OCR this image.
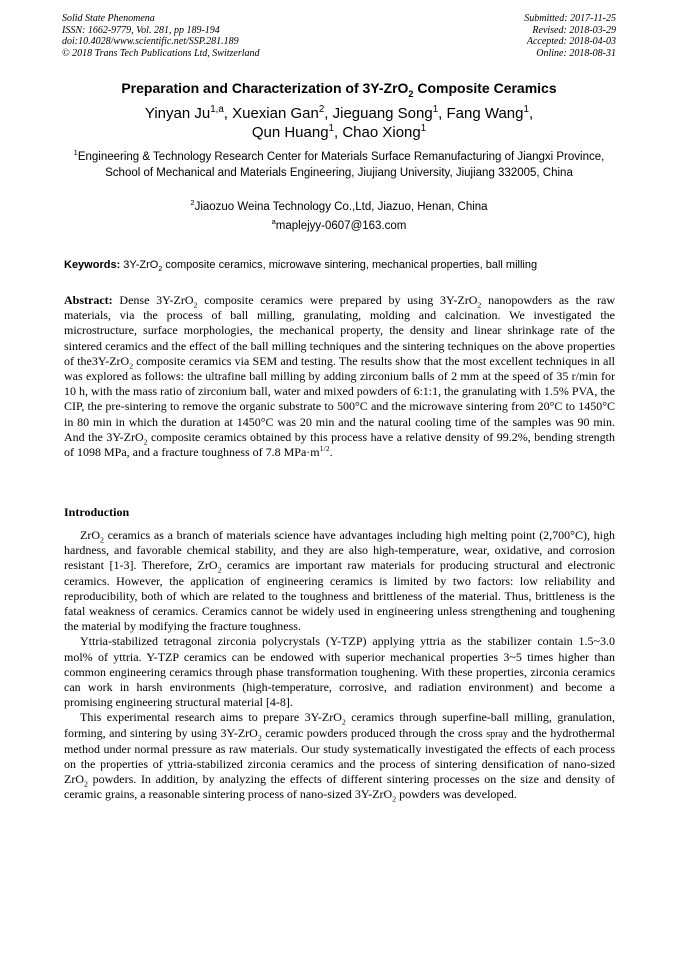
Solid State Phenomena
ISSN: 1662-9779, Vol. 281, pp 189-194
doi:10.4028/www.scientific.net/SSP.281.189
© 2018 Trans Tech Publications Ltd, Switzerland
Submitted: 2017-11-25
Revised: 2018-03-29
Accepted: 2018-04-03
Online: 2018-08-31
Preparation and Characterization of 3Y-ZrO$_2$ Composite Ceramics
Yinyan Ju$^{1,a}$, Xuexian Gan$^2$, Jieguang Song$^1$, Fang Wang$^1$,
Qun Huang$^1$, Chao Xiong$^1$
$^1$Engineering & Technology Research Center for Materials Surface Remanufacturing of Jiangxi Province, School of Mechanical and Materials Engineering, Jiujiang University, Jiujiang 332005, China
$^2$Jiaozuo Weina Technology Co.,Ltd, Jiazuo, Henan, China
$^a$maplejyy-0607@163.com
Keywords: 3Y-ZrO$_2$ composite ceramics, microwave sintering, mechanical properties, ball milling
Abstract: Dense 3Y-ZrO$_2$ composite ceramics were prepared by using 3Y-ZrO$_2$ nanopowders as the raw materials, via the process of ball milling, granulating, molding and calcination. We investigated the microstructure, surface morphologies, the mechanical property, the density and linear shrinkage rate of the sintered ceramics and the effect of the ball milling techniques and the sintering techniques on the above properties of the3Y-ZrO$_2$ composite ceramics via SEM and testing. The results show that the most excellent techniques in all was explored as follows: the ultrafine ball milling by adding zirconium balls of 2 mm at the speed of 35 r/min for 10 h, with the mass ratio of zirconium ball, water and mixed powders of 6:1:1, the granulating with 1.5% PVA, the CIP, the pre-sintering to remove the organic substrate to 500°C and the microwave sintering from 20°C to 1450°C in 80 min in which the duration at 1450°C was 20 min and the natural cooling time of the samples was 90 min. And the 3Y-ZrO$_2$ composite ceramics obtained by this process have a relative density of 99.2%, bending strength of 1098 MPa, and a fracture toughness of 7.8 $MPa\cdot m^{1/2}$.
Introduction

ZrO$_2$ ceramics as a branch of materials science have advantages including high melting point (2,700°C), high hardness, and favorable chemical stability, and they are also high-temperature, wear, oxidative, and corrosion resistant [1-3]. Therefore, ZrO$_2$ ceramics are important raw materials for producing structural and electronic ceramics. However, the application of engineering ceramics is limited by two factors: low reliability and reproducibility, both of which are related to the toughness and brittleness of the material. Thus, brittleness is the fatal weakness of ceramics. Ceramics cannot be widely used in engineering unless strengthening and toughening the material by modifying the fracture toughness.

Yttria-stabilized tetragonal zirconia polycrystals (Y-TZP) applying yttria as the stabilizer contain 1.5~3.0 mol% of yttria. Y-TZP ceramics can be endowed with superior mechanical properties 3~5 times higher than common engineering ceramics through phase transformation toughening. With these properties, zirconia ceramics can work in harsh environments (high-temperature, corrosive, and radiation environment) and become a promising engineering structural material [4-8].

This experimental research aims to prepare 3Y-ZrO$_2$ ceramics through superfine-ball milling, granulation, forming, and sintering by using 3Y-ZrO$_2$ ceramic powders produced through the cross spray and the hydrothermal method under normal pressure as raw materials. Our study systematically investigated the effects of each process on the properties of yttria-stabilized zirconia ceramics and the process of sintering densification of nano-sized ZrO$_2$ powders. In addition, by analyzing the effects of different sintering processes on the size and density of ceramic grains, a reasonable sintering process of nano-sized 3Y-ZrO$_2$ powders was developed.
